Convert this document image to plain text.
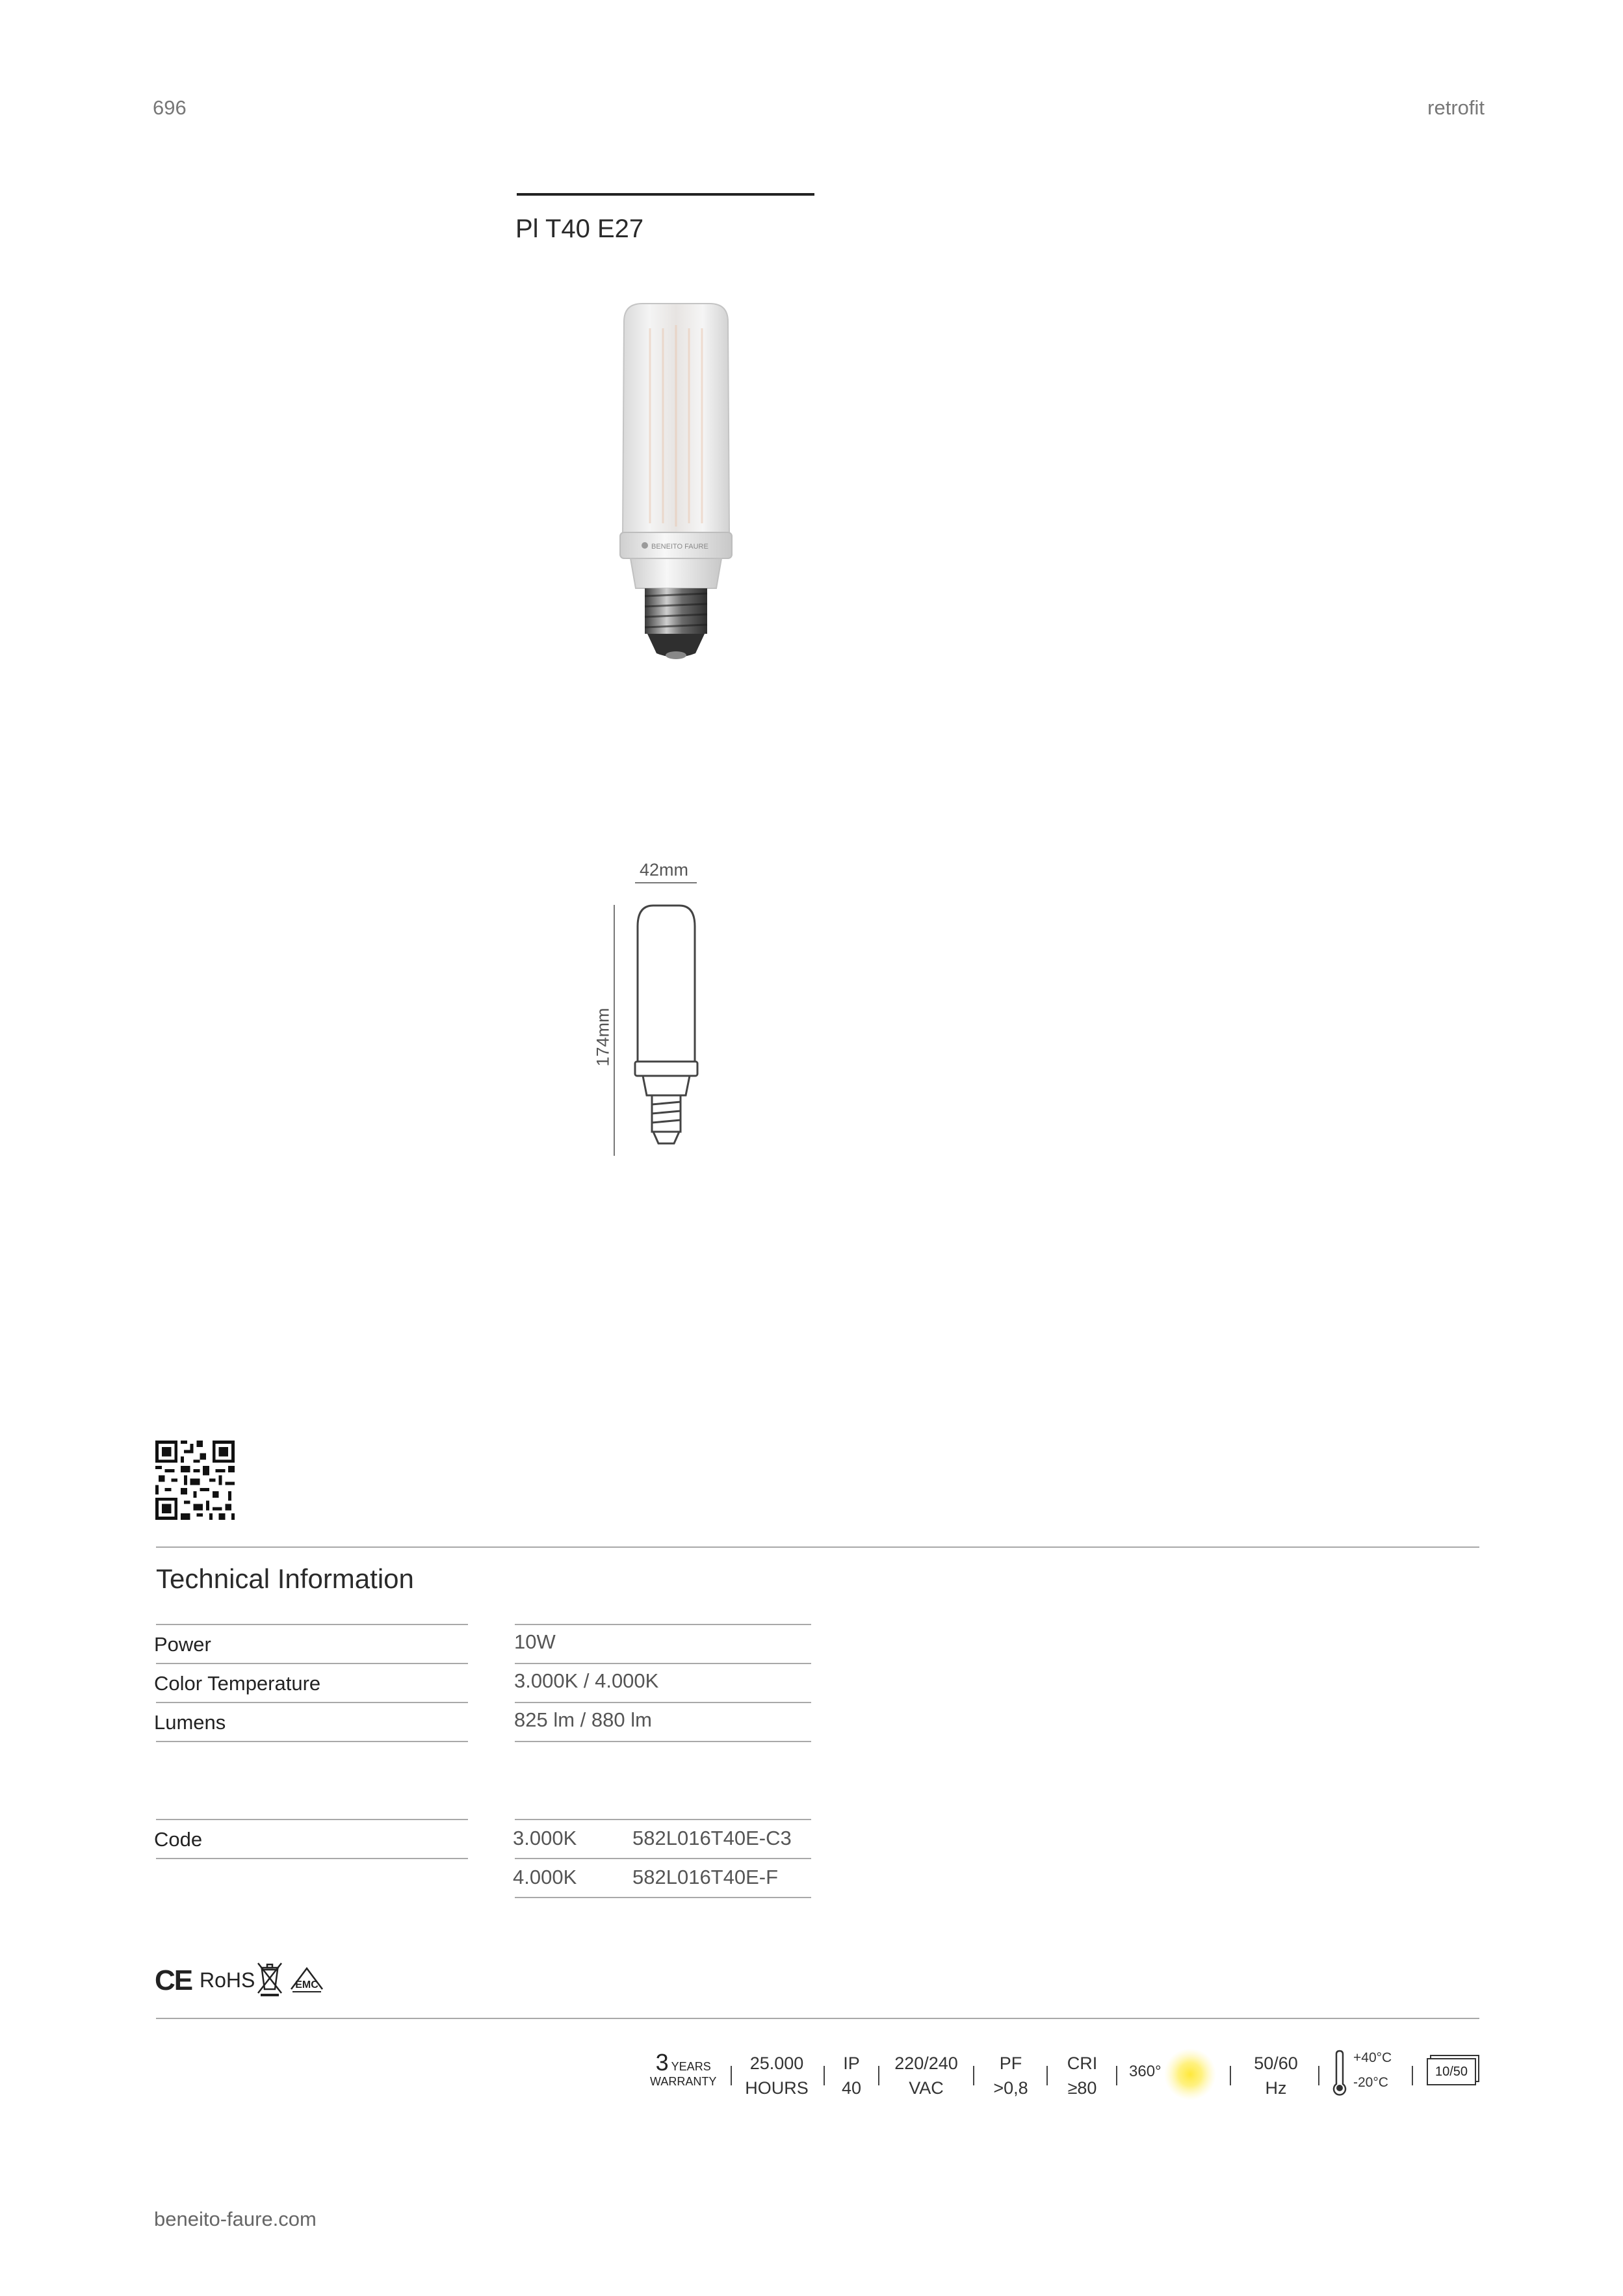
696	retrofit
Pl T40 E27
BENEITO FAURE
42mm
174mm
Technical Information
Power	10W
Color Temperature	3.000K / 4.000K
Lumens	825 lm / 880 lm
Code	3.000K	582L016T40E-C3
4.000K	582L016T40E-F
CE RoHS	EMC
3 YEARS
WARRANTY
25.000
HOURS
IP
40
220/240
VAC
PF
>0,8
CRI
≥80
360°	50/60
Hz
+40°C
-20°C
10/50
beneito-faure.com
